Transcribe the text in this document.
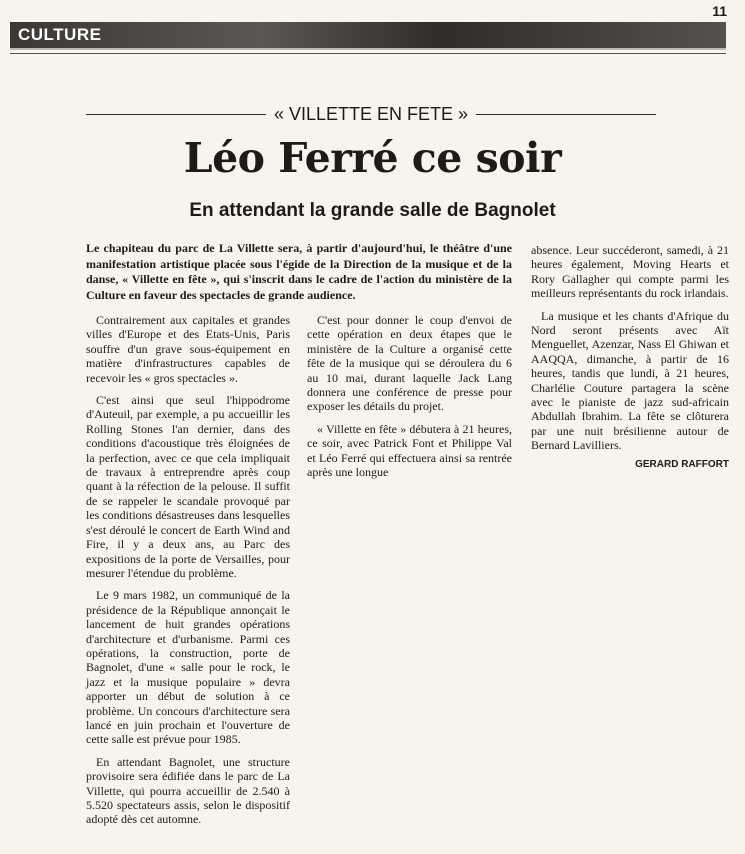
11
CULTURE
« VILLETTE EN FETE »
Léo Ferré ce soir
En attendant la grande salle de Bagnolet

Le chapiteau du parc de La Villette sera, à partir d'aujourd'hui, le théâtre d'une manifestation artistique placée sous l'égide de la Direction de la musique et de la danse, « Villette en fête », qui s'inscrit dans le cadre de l'action du ministère de la Culture en faveur des spectacles de grande audience.

Contrairement aux capitales et grandes villes d'Europe et des Etats-Unis, Paris souffre d'un grave sous-équipement en matière d'infrastructures capables de recevoir les « gros spectacles ».

C'est ainsi que seul l'hippodrome d'Auteuil, par exemple, a pu accueillir les Rolling Stones l'an dernier, dans des conditions d'acoustique très éloignées de la perfection, avec ce que cela impliquait de travaux à entreprendre après coup quant à la réfection de la pelouse. Il suffit de se rappeler le scandale provoqué par les conditions désastreuses dans lesquelles s'est déroulé le concert de Earth Wind and Fire, il y a deux ans, au Parc des expositions de la porte de Versailles, pour mesurer l'étendue du problème.

Le 9 mars 1982, un communiqué de la présidence de la République annonçait le lancement de huit grandes opérations d'architecture et d'urbanisme. Parmi ces opérations, la construction, porte de Bagnolet, d'une « salle pour le rock, le jazz et la musique populaire » devra apporter un début de solution à ce problème. Un concours d'architecture sera lancé en juin prochain et l'ouverture de cette salle est prévue pour 1985.

En attendant Bagnolet, une structure provisoire sera édifiée dans le parc de La Villette, qui pourra accueillir de 2.540 à 5.520 spectateurs assis, selon le dispositif adopté dès cet automne.

C'est pour donner le coup d'envoi de cette opération en deux étapes que le ministère de la Culture a organisé cette fête de la musique qui se déroulera du 6 au 10 mai, durant laquelle Jack Lang donnera une conférence de presse pour exposer les détails du projet.

« Villette en fête » débutera à 21 heures, ce soir, avec Patrick Font et Philippe Val et Léo Ferré qui effectuera ainsi sa rentrée après une longue

absence. Leur succéderont, samedi, à 21 heures également, Moving Hearts et Rory Gallagher qui compte parmi les meilleurs représentants du rock irlandais.

La musique et les chants d'Afrique du Nord seront présents avec Aït Menguellet, Azenzar, Nass El Ghiwan et AAQQA, dimanche, à partir de 16 heures, tandis que lundi, à 21 heures, Charlélie Couture partagera la scène avec le pianiste de jazz sud-africain Abdullah Ibrahim. La fête se clôturera par une nuit brésilienne autour de Bernard Lavilliers.

GERARD RAFFORT
